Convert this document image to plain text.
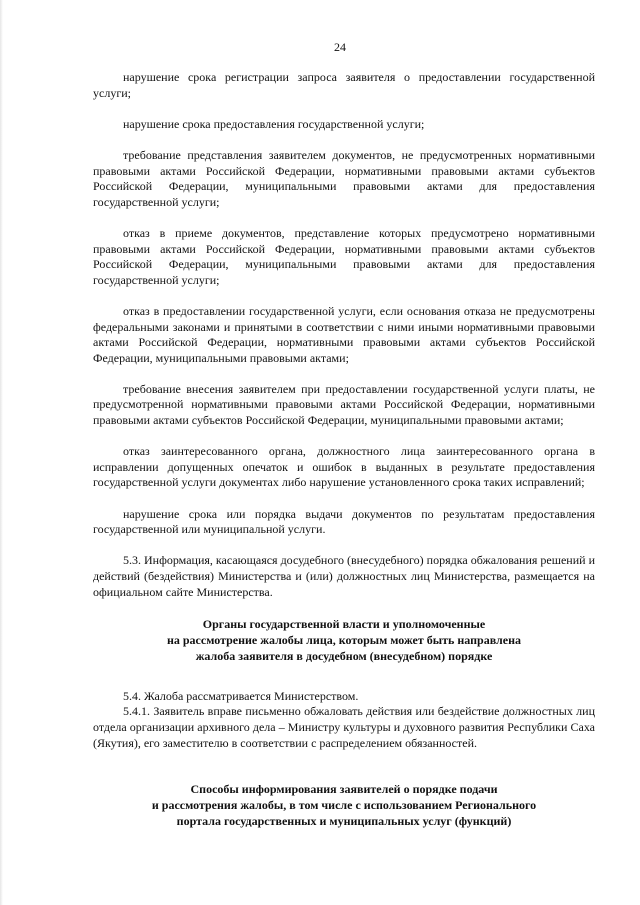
24

нарушение срока регистрации запроса заявителя о предоставлении государственной услуги;

нарушение срока предоставления государственной услуги;

требование представления заявителем документов, не предусмотренных нормативными правовыми актами Российской Федерации, нормативными правовыми актами субъектов Российской Федерации, муниципальными правовыми актами для предоставления государственной услуги;

отказ в приеме документов, представление которых предусмотрено нормативными правовыми актами Российской Федерации, нормативными правовыми актами субъектов Российской Федерации, муниципальными правовыми актами для предоставления государственной услуги;

отказ в предоставлении государственной услуги, если основания отказа не предусмотрены федеральными законами и принятыми в соответствии с ними иными нормативными правовыми актами Российской Федерации, нормативными правовыми актами субъектов Российской Федерации, муниципальными правовыми актами;

требование внесения заявителем при предоставлении государственной услуги платы, не предусмотренной нормативными правовыми актами Российской Федерации, нормативными правовыми актами субъектов Российской Федерации, муниципальными правовыми актами;

отказ заинтересованного органа, должностного лица заинтересованного органа в исправлении допущенных опечаток и ошибок в выданных в результате предоставления государственной услуги документах либо нарушение установленного срока таких исправлений;

нарушение срока или порядка выдачи документов по результатам предоставления государственной или муниципальной услуги.

5.3. Информация, касающаяся досудебного (внесудебного) порядка обжалования решений и действий (бездействия) Министерства и (или) должностных лиц Министерства, размещается на официальном сайте Министерства.

Органы государственной власти и уполномоченные
на рассмотрение жалобы лица, которым может быть направлена
жалоба заявителя в досудебном (внесудебном) порядке

5.4. Жалоба рассматривается Министерством.

5.4.1. Заявитель вправе письменно обжаловать действия или бездействие должностных лиц отдела организации архивного дела – Министру культуры и духовного развития Республики Саха (Якутия), его заместителю в соответствии с распределением обязанностей.

Способы информирования заявителей о порядке подачи
и рассмотрения жалобы, в том числе с использованием Регионального
портала государственных и муниципальных услуг (функций)
